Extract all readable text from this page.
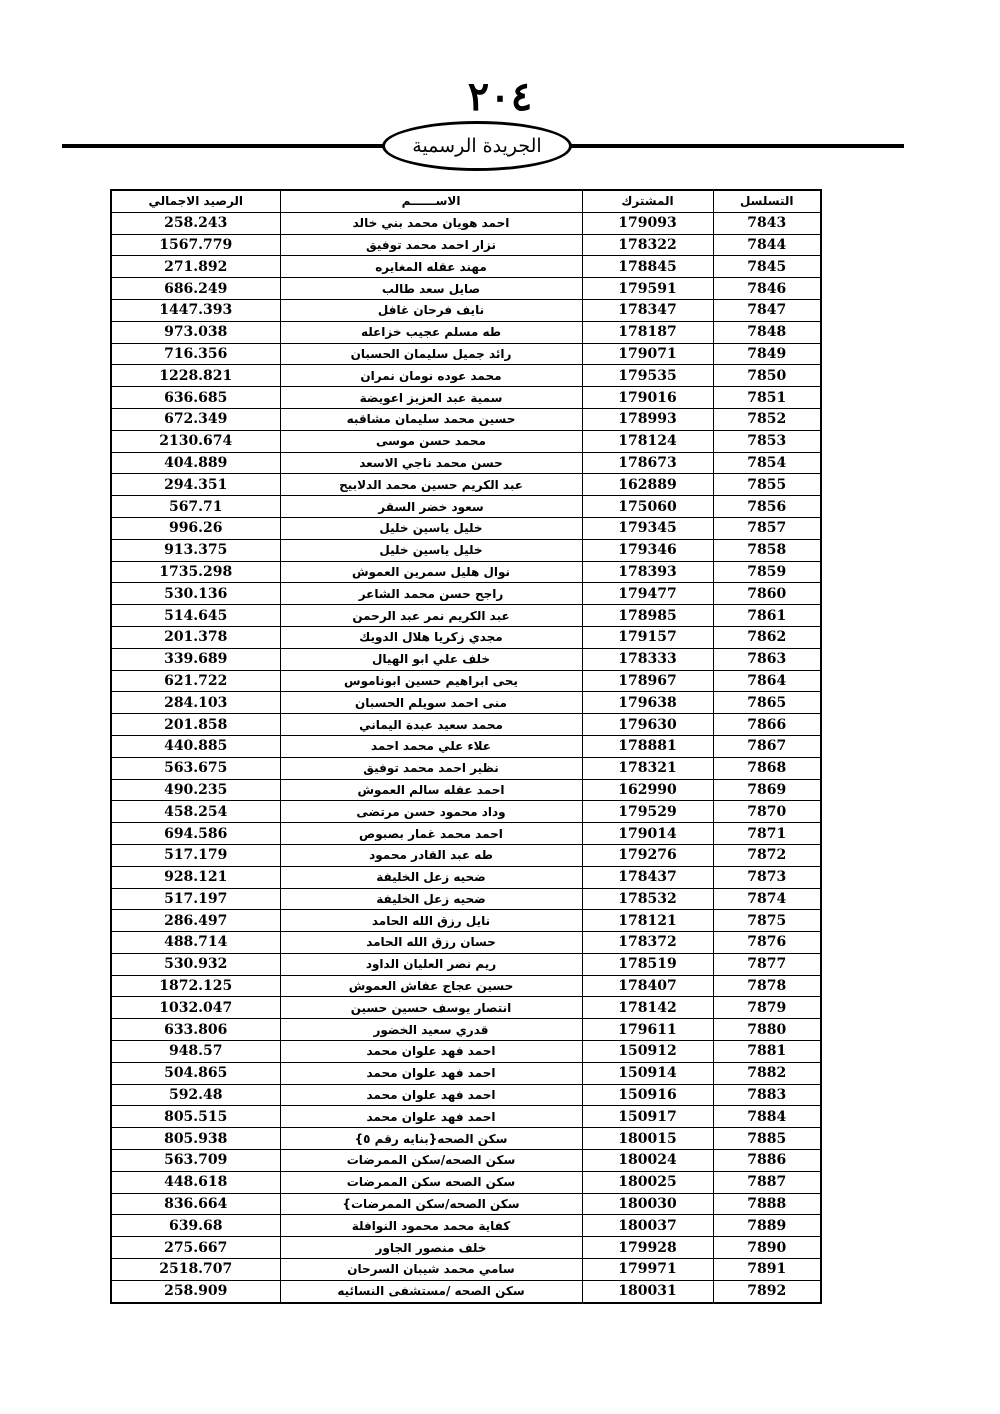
٢٠٤
الجريدة الرسمية
التسلسل	المشترك	الاســــــم	الرصيد الاجمالي
7843	179093	احمد هويان محمد بني خالد	258.243
7844	178322	نزار احمد محمد توفيق	1567.779
7845	178845	مهند عقله المغايره	271.892
7846	179591	صايل سعد طالب	686.249
7847	178347	نايف فرحان غافل	1447.393
7848	178187	طه مسلم عجيب خزاعله	973.038
7849	179071	رائد جميل سليمان الحسبان	716.356
7850	179535	محمد عوده نومان نمران	1228.821
7851	179016	سمية عبد العزيز اعويضة	636.685
7852	178993	حسين محمد سليمان مشاقبه	672.349
7853	178124	محمد حسن موسى	2130.674
7854	178673	حسن محمد ناجي الاسعد	404.889
7855	162889	عبد الكريم حسين محمد الدلابيح	294.351
7856	175060	سعود خضر السقر	567.71
7857	179345	خليل ياسين خليل	996.26
7858	179346	خليل ياسين خليل	913.375
7859	178393	نوال هليل سمرين العموش	1735.298
7860	179477	راجح حسن محمد الشاعر	530.136
7861	178985	عبد الكريم نمر عبد الرحمن	514.645
7862	179157	مجدي زكريا هلال الدويك	201.378
7863	178333	خلف علي ابو الهيال	339.689
7864	178967	يحى ابراهيم حسين ابوناموس	621.722
7865	179638	منى احمد سويلم الحسبان	284.103
7866	179630	محمد سعيد عبدة اليماني	201.858
7867	178881	علاء علي محمد احمد	440.885
7868	178321	نظير احمد محمد توفيق	563.675
7869	162990	احمد عقله سالم العموش	490.235
7870	179529	وداد محمود حسن مرتضى	458.254
7871	179014	احمد محمد غمار بصبوص	694.586
7872	179276	طه عبد القادر محمود	517.179
7873	178437	ضحيه زعل الخليفة	928.121
7874	178532	ضحيه زعل الخليفة	517.197
7875	178121	نايل رزق الله الحامد	286.497
7876	178372	حسان رزق الله الحامد	488.714
7877	178519	ريم نصر العليان الداود	530.932
7878	178407	حسين عجاج عفاش العموش	1872.125
7879	178142	انتصار يوسف حسين حسين	1032.047
7880	179611	قدري سعيد الخضور	633.806
7881	150912	احمد فهد علوان محمد	948.57
7882	150914	احمد فهد علوان محمد	504.865
7883	150916	احمد فهد علوان محمد	592.48
7884	150917	احمد فهد علوان محمد	805.515
7885	180015	سكن الصحه{بنايه رقم ٥}	805.938
7886	180024	سكن الصحه/سكن الممرضات	563.709
7887	180025	سكن الصحه سكن الممرضات	448.618
7888	180030	سكن الصحه/سكن الممرضات}	836.664
7889	180037	كفاية محمد محمود النوافلة	639.68
7890	179928	خلف منصور الجاور	275.667
7891	179971	سامي محمد شيبان السرحان	2518.707
7892	180031	سكن الصحه /مستشفى النسائيه	258.909
